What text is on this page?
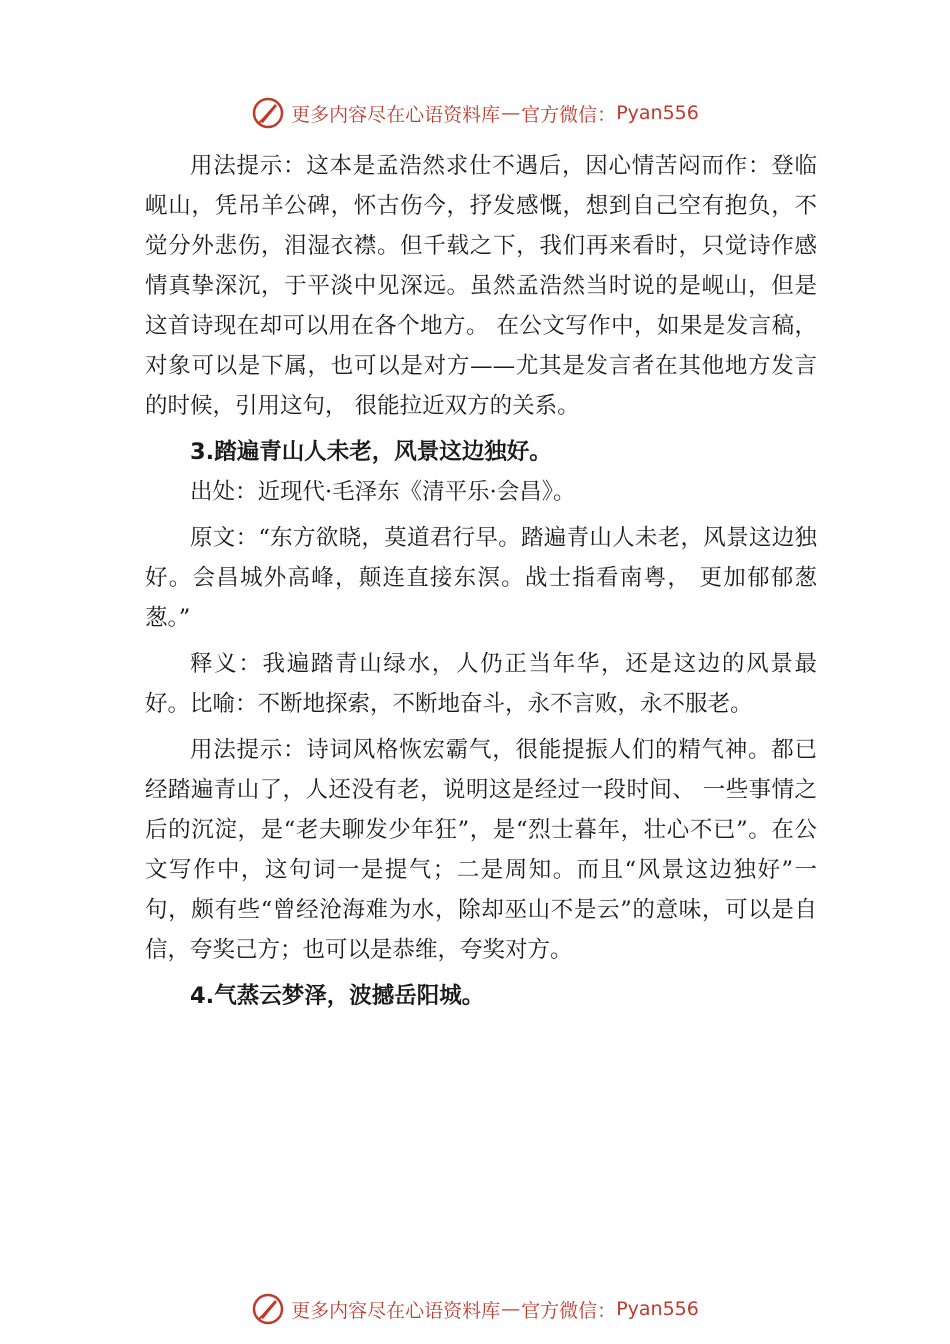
更多内容尽在心语资料库 — 官方微信： Pyan556

用法提示：这本是孟浩然求仕不遇后，因心情苦闷而作：登临岘山，凭吊羊公碑，怀古伤今，抒发感慨，想到自己空有抱负，不觉分外悲伤，泪湿衣襟。但千载之下，我们再来看时，只觉诗作感情真挚深沉，于平淡中见深远。虽然孟浩然当时说的是岘山，但是这首诗现在却可以用在各个地方。 在公文写作中，如果是发言稿，对象可以是下属，也可以是对方——尤其是发言者在其他地方发言的时候，引用这句， 很能拉近双方的关系。

3.踏遍青山人未老，风景这边独好。

出处：近现代·毛泽东《清平乐·会昌》。

原文：“东方欲晓，莫道君行早。踏遍青山人未老，风景这边独好。会昌城外高峰，颠连直接东溟。战士指看南粤， 更加郁郁葱葱。”

释义：我遍踏青山绿水，人仍正当年华，还是这边的风景最好。比喻：不断地探索，不断地奋斗，永不言败，永不服老。

用法提示：诗词风格恢宏霸气，很能提振人们的精气神。都已经踏遍青山了，人还没有老，说明这是经过一段时间、 一些事情之后的沉淀，是“老夫聊发少年狂”，是“烈士暮年，壮心不已”。在公文写作中，这句词一是提气；二是周知。而且“风景这边独好”一句，颇有些“曾经沧海难为水，除却巫山不是云”的意味，可以是自信，夸奖己方；也可以是恭维，夸奖对方。

4.气蒸云梦泽，波撼岳阳城。
更多内容尽在心语资料库 — 官方微信： Pyan556
